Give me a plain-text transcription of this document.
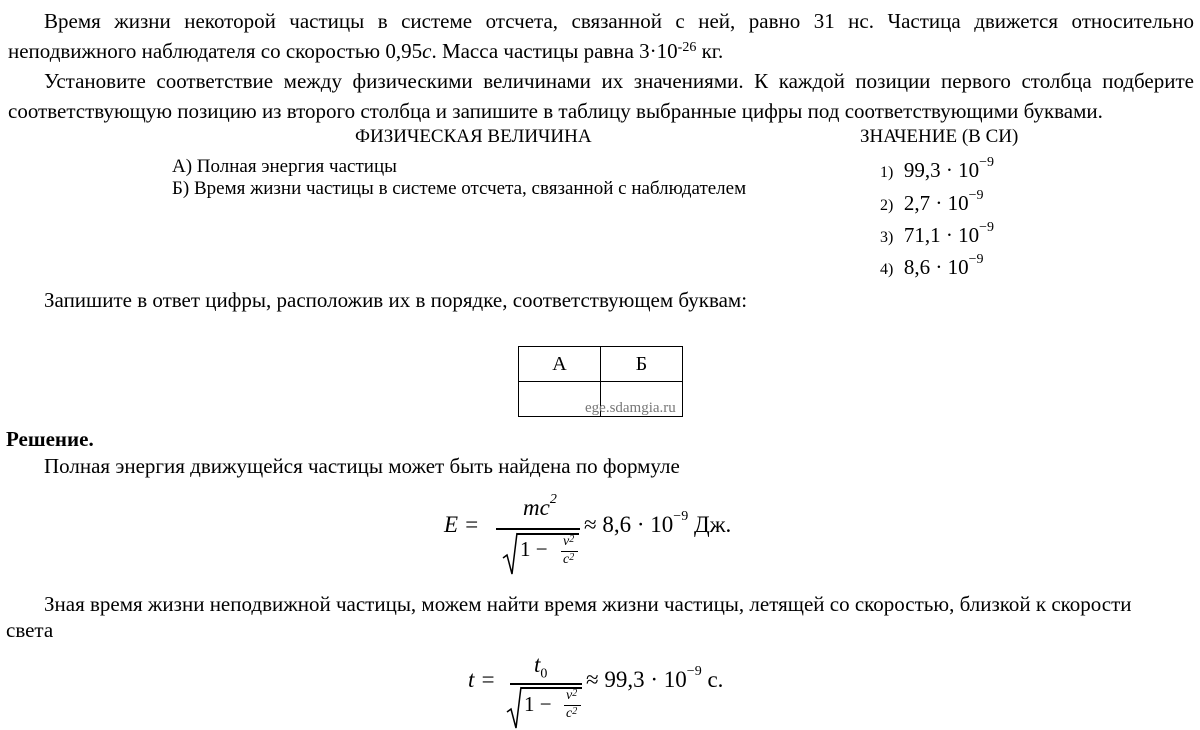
Время жизни некоторой частицы в системе отсчета, связанной с ней, равно 31 нс. Частица движется относительно неподвижного наблюдателя со скоростью 0,95c. Масса частицы равна $3\cdot 10^{-26}$ кг.
Установите соответствие между физическими величинами их значениями. К каждой позиции первого столбца подберите соответствующую позицию из второго столбца и запишите в таблицу выбранные цифры под соответствующими буквами.
ФИЗИЧЕСКАЯ ВЕЛИЧИНА	ЗНАЧЕНИЕ (В СИ)
А) Полная энергия частицы
Б) Время жизни частицы в системе отсчета, связанной с наблюдателем
1) $99,3 \cdot 10^{-9}$
2) $2,7 \cdot 10^{-9}$
3) $71,1 \cdot 10^{-9}$
4) $8,6 \cdot 10^{-9}$
Запишите в ответ цифры, расположив их в порядке, соответствующем буквам:
А	Б

ege.sdamgia.ru
Решение.
Полная энергия движущейся частицы может быть найдена по формуле
E =
$mc^2$
$1 - v^2$
$c^2$
≈ $8,6 \cdot 10^{-9}$ Дж.
Зная время жизни неподвижной частицы, можем найти время жизни частицы, летящей со скоростью, близкой к скорости
света
t =
$t_0$
$1 - v^2$
$c^2$
≈ $99,3 \cdot 10^{-9}$ с.
